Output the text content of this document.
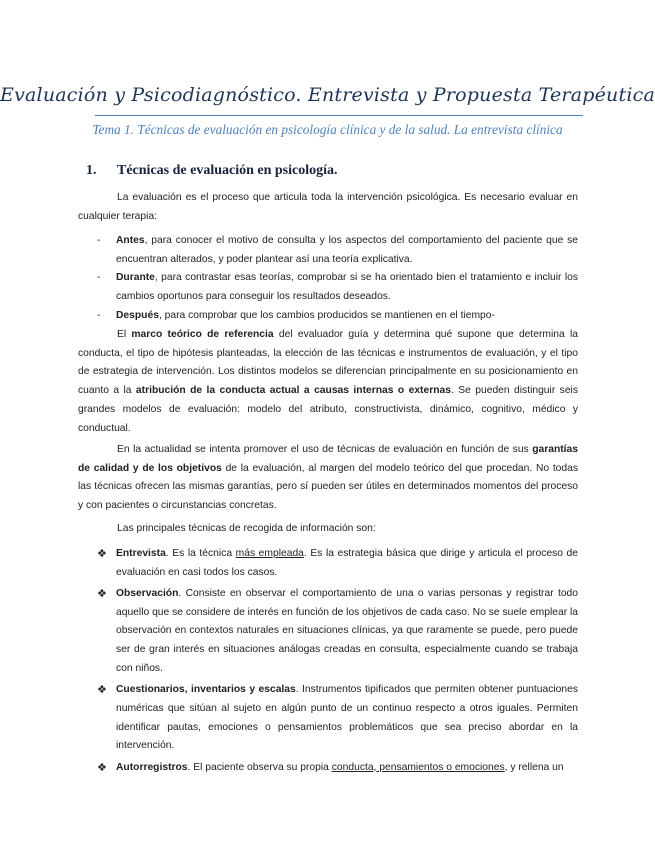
Evaluación y Psicodiagnóstico. Entrevista y Propuesta Terapéutica
Tema 1. Técnicas de evaluación en psicología clínica y de la salud. La entrevista clínica
1. Técnicas de evaluación en psicología.

La evaluación es el proceso que articula toda la intervención psicológica. Es necesario evaluar en cualquier terapia:

- Antes, para conocer el motivo de consulta y los aspectos del comportamiento del paciente que se encuentran alterados, y poder plantear así una teoría explicativa.
- Durante, para contrastar esas teorías, comprobar si se ha orientado bien el tratamiento e incluir los cambios oportunos para conseguir los resultados deseados.
- Después, para comprobar que los cambios producidos se mantienen en el tiempo-

El marco teórico de referencia del evaluador guía y determina qué supone que determina la conducta, el tipo de hipótesis planteadas, la elección de las técnicas e instrumentos de evaluación, y el tipo de estrategia de intervención. Los distintos modelos se diferencian principalmente en su posicionamiento en cuanto a la atribución de la conducta actual a causas internas o externas. Se pueden distinguir seis grandes modelos de evaluación: modelo del atributo, constructivista, dinámico, cognitivo, médico y conductual.

En la actualidad se intenta promover el uso de técnicas de evaluación en función de sus garantías de calidad y de los objetivos de la evaluación, al margen del modelo teórico del que procedan. No todas las técnicas ofrecen las mismas garantías, pero sí pueden ser útiles en determinados momentos del proceso y con pacientes o circunstancias concretas.

Las principales técnicas de recogida de información son:

❖ Entrevista. Es la técnica más empleada. Es la estrategia básica que dirige y articula el proceso de evaluación en casi todos los casos.
❖ Observación. Consiste en observar el comportamiento de una o varias personas y registrar todo aquello que se considere de interés en función de los objetivos de cada caso. No se suele emplear la observación en contextos naturales en situaciones clínicas, ya que raramente se puede, pero puede ser de gran interés en situaciones análogas creadas en consulta, especialmente cuando se trabaja con niños.
❖ Cuestionarios, inventarios y escalas. Instrumentos tipificados que permiten obtener puntuaciones numéricas que sitúan al sujeto en algún punto de un continuo respecto a otros iguales. Permiten identificar pautas, emociones o pensamientos problemáticos que sea preciso abordar en la intervención.
❖ Autorregistros. El paciente observa su propia conducta, pensamientos o emociones, y rellena un
